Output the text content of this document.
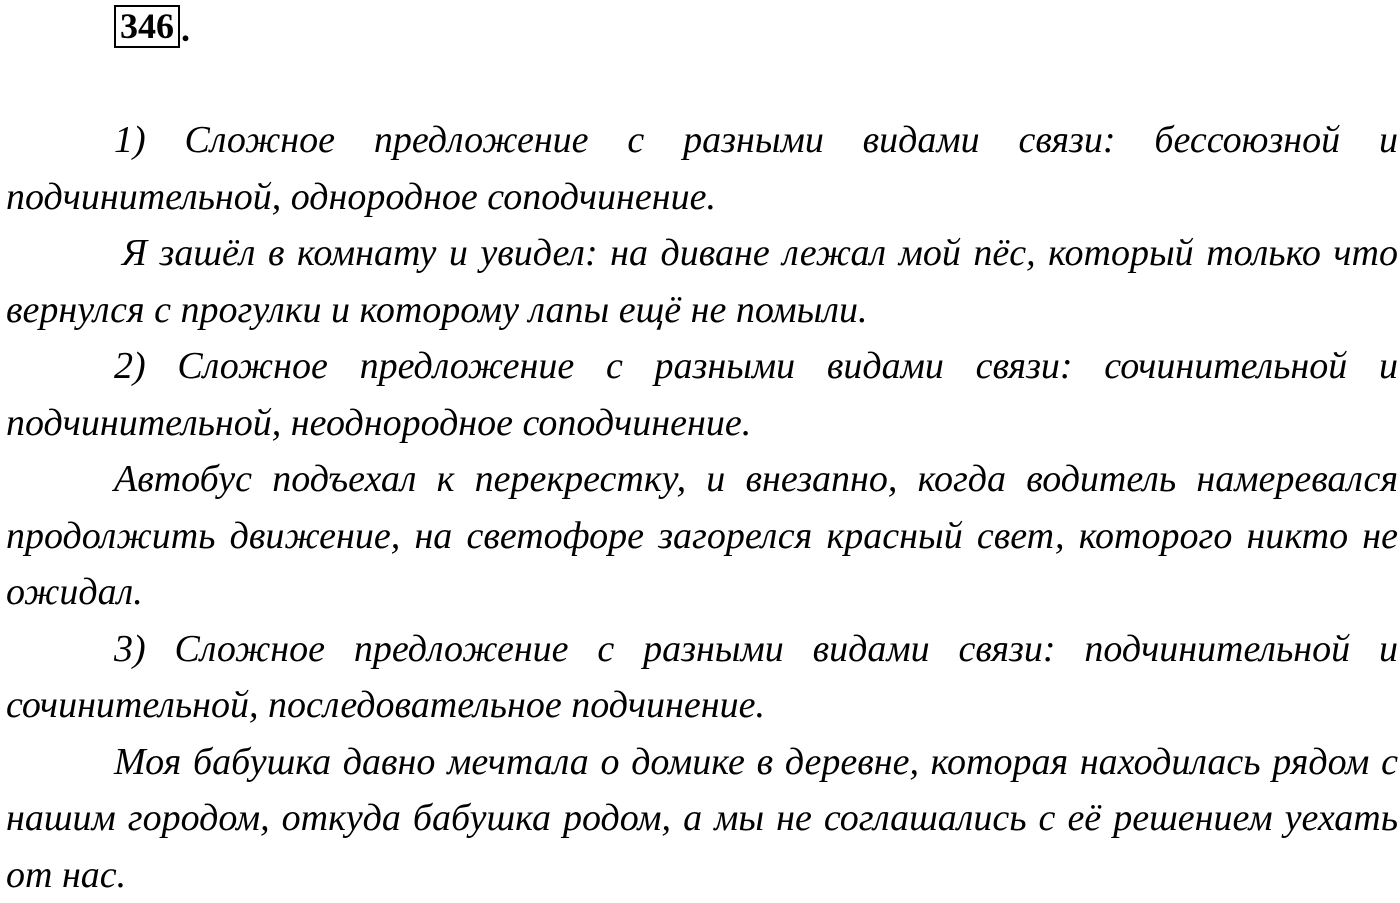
346 .

1) Сложное предложение с разными видами связи: бессоюзной и подчинительной, однородное соподчинение.

Я зашёл в комнату и увидел: на диване лежал мой пёс, который только что вернулся с прогулки и которому лапы ещё не помыли.

2) Сложное предложение с разными видами связи: сочинительной и подчинительной, неоднородное соподчинение.

Автобус подъехал к перекрестку, и внезапно, когда водитель намеревался продолжить движение, на светофоре загорелся красный свет, которого никто не ожидал.

3) Сложное предложение с разными видами связи: подчинительной и сочинительной, последовательное подчинение.

Моя бабушка давно мечтала о домике в деревне, которая находилась рядом с нашим городом, откуда бабушка родом, а мы не соглашались с её решением уехать от нас.
